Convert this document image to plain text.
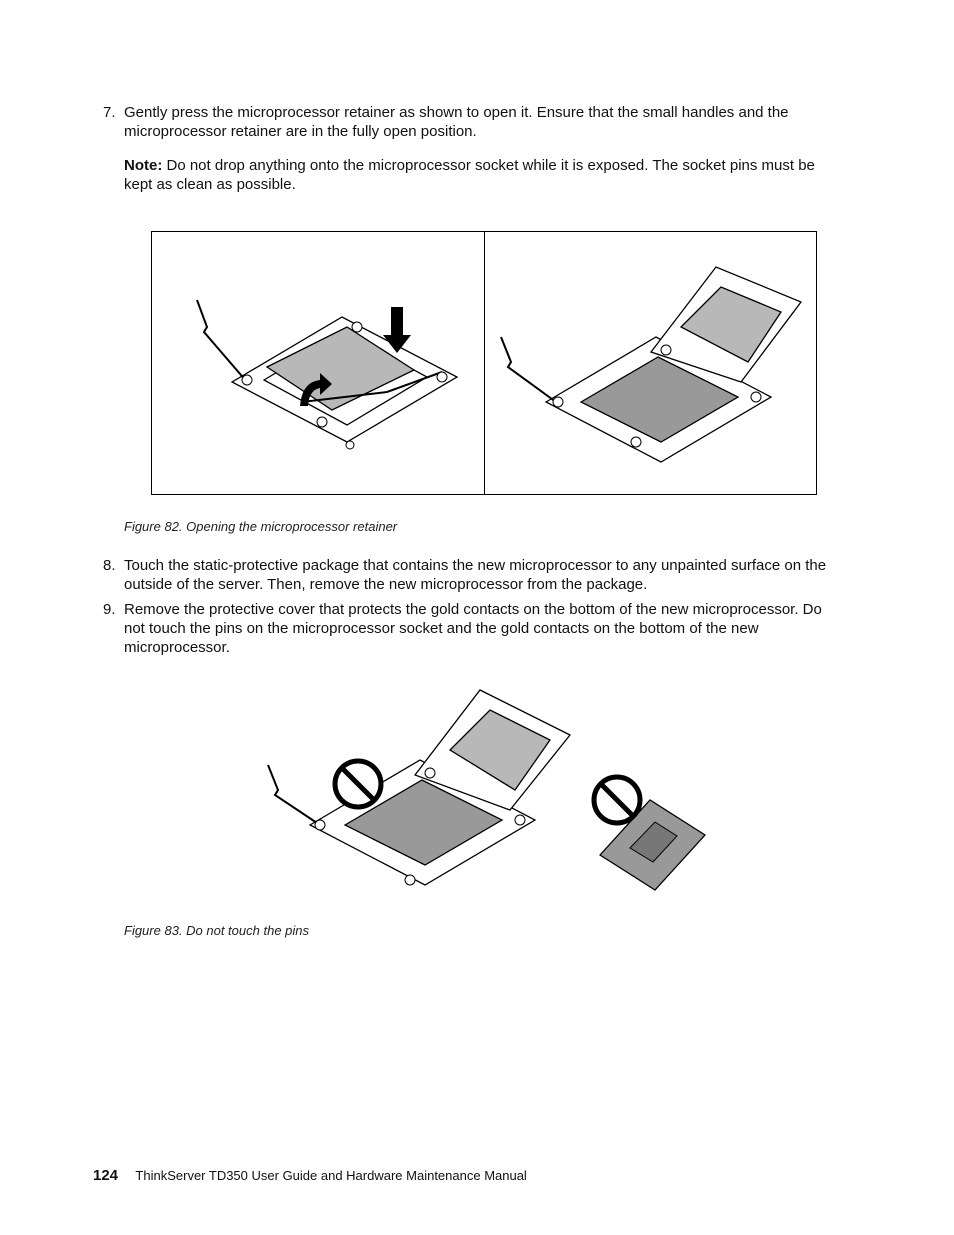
7. Gently press the microprocessor retainer as shown to open it. Ensure that the small handles and the microprocessor retainer are in the fully open position.
Note: Do not drop anything onto the microprocessor socket while it is exposed. The socket pins must be kept as clean as possible.
Figure 82. Opening the microprocessor retainer
8. Touch the static-protective package that contains the new microprocessor to any unpainted surface on the outside of the server. Then, remove the new microprocessor from the package.
9. Remove the protective cover that protects the gold contacts on the bottom of the new microprocessor. Do not touch the pins on the microprocessor socket and the gold contacts on the bottom of the new microprocessor.
Figure 83. Do not touch the pins
124 ThinkServer TD350 User Guide and Hardware Maintenance Manual
